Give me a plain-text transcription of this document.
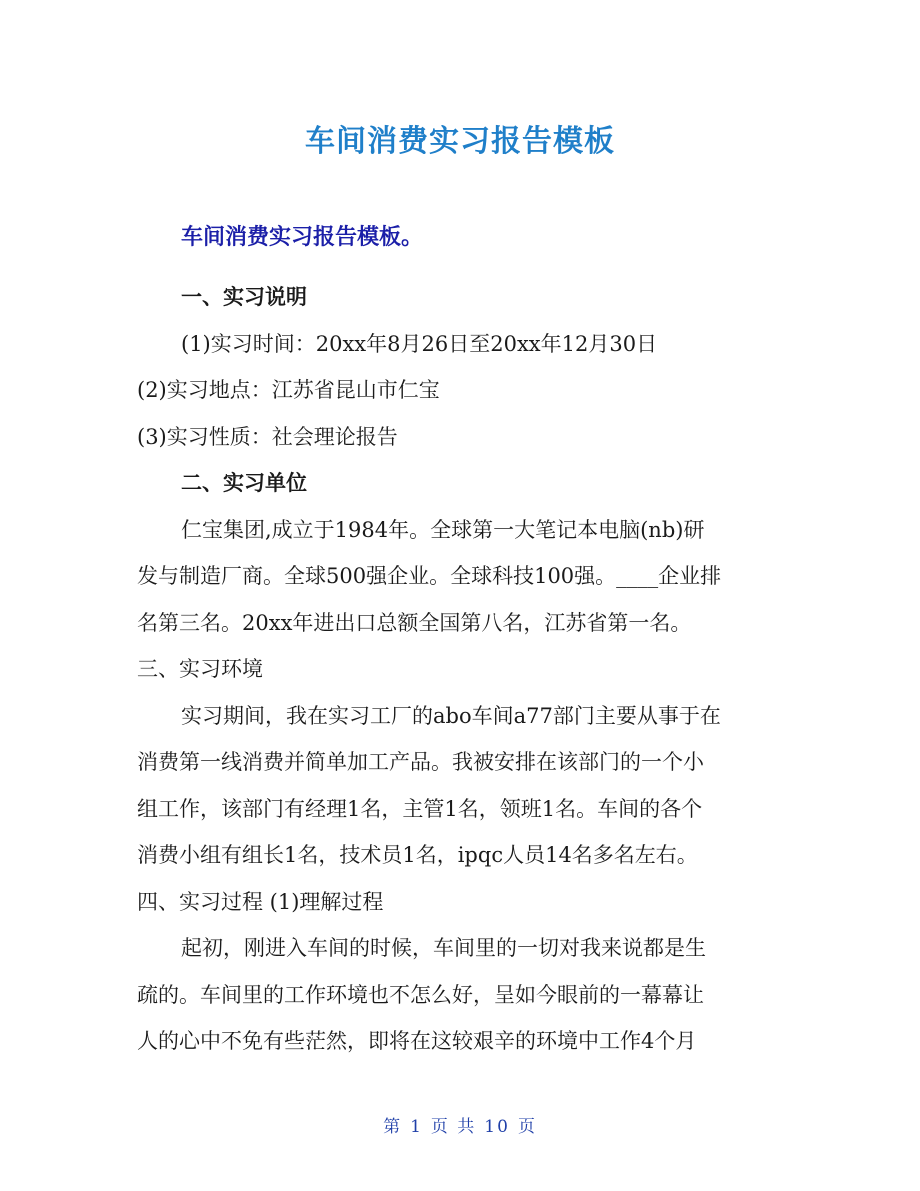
车间消费实习报告模板

车间消费实习报告模板。

一、实习说明

(1)实习时间：20xx年8月26日至20xx年12月30日

(2)实习地点：江苏省昆山市仁宝

(3)实习性质：社会理论报告

二、实习单位

仁宝集团,成立于1984年。全球第一大笔记本电脑(nb)研

发与制造厂商。全球500强企业。全球科技100强。____企业排

名第三名。20xx年进出口总额全国第八名，江苏省第一名。

三、实习环境

实习期间，我在实习工厂的abo车间a77部门主要从事于在

消费第一线消费并简单加工产品。我被安排在该部门的一个小

组工作，该部门有经理1名，主管1名，领班1名。车间的各个

消费小组有组长1名，技术员1名，ipqc人员14名多名左右。

四、实习过程 (1)理解过程

起初，刚进入车间的时候，车间里的一切对我来说都是生

疏的。车间里的工作环境也不怎么好，呈如今眼前的一幕幕让

人的心中不免有些茫然，即将在这较艰辛的环境中工作4个月

第 1 页 共 10 页
